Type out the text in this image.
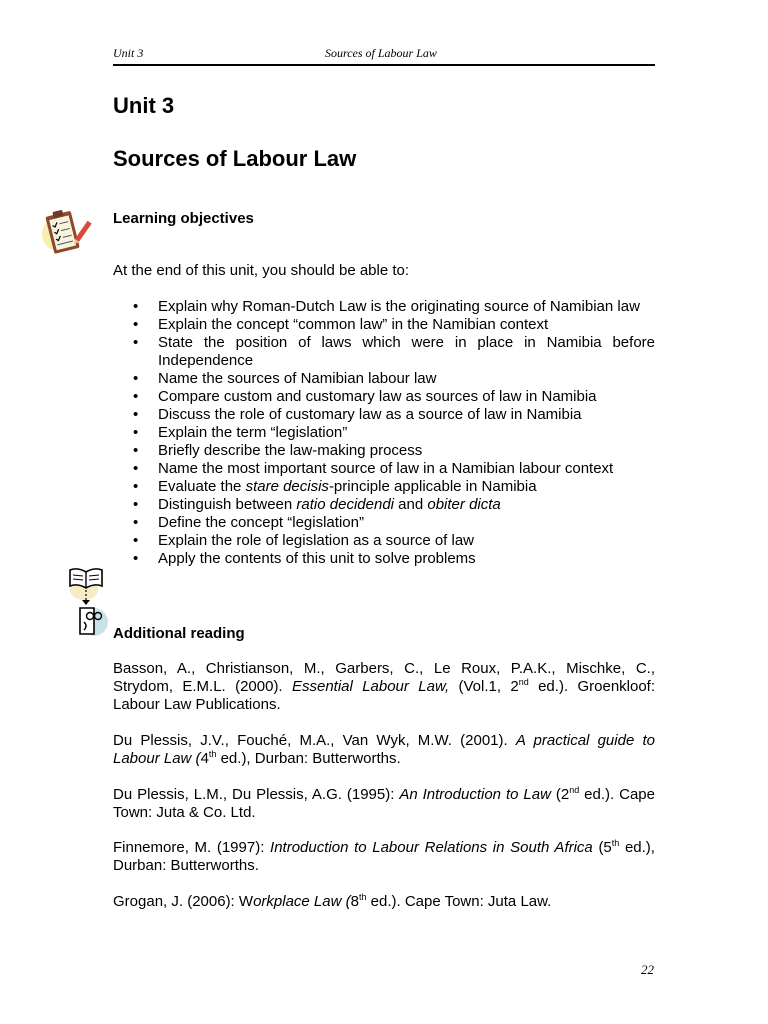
Unit 3	Sources of Labour Law
Unit 3
Sources of Labour Law
Learning objectives

At the end of this unit, you should be able to:

• Explain why Roman-Dutch Law is the originating source of Namibian law
• Explain the concept “common law” in the Namibian context
• State the position of laws which were in place in Namibia before Independence
• Name the sources of Namibian labour law
• Compare custom and customary law as sources of law in Namibia
• Discuss the role of customary law as a source of law in Namibia
• Explain the term “legislation”
• Briefly describe the law-making process
• Name the most important source of law in a Namibian labour context
• Evaluate the stare decisis-principle applicable in Namibia
• Distinguish between ratio decidendi and obiter dicta
• Define the concept “legislation”
• Explain the role of legislation as a source of law
• Apply the contents of this unit to solve problems
Additional reading

Basson, A., Christianson, M., Garbers, C., Le Roux, P.A.K., Mischke, C., Strydom, E.M.L. (2000). Essential Labour Law, (Vol.1, 2nd ed.). Groenkloof: Labour Law Publications.

Du Plessis, J.V., Fouché, M.A., Van Wyk, M.W. (2001). A practical guide to Labour Law (4th ed.), Durban: Butterworths.

Du Plessis, L.M., Du Plessis, A.G. (1995): An Introduction to Law (2nd ed.). Cape Town: Juta & Co. Ltd.

Finnemore, M. (1997): Introduction to Labour Relations in South Africa (5th ed.), Durban: Butterworths.

Grogan, J. (2006): Workplace Law (8th ed.). Cape Town: Juta Law.

22
